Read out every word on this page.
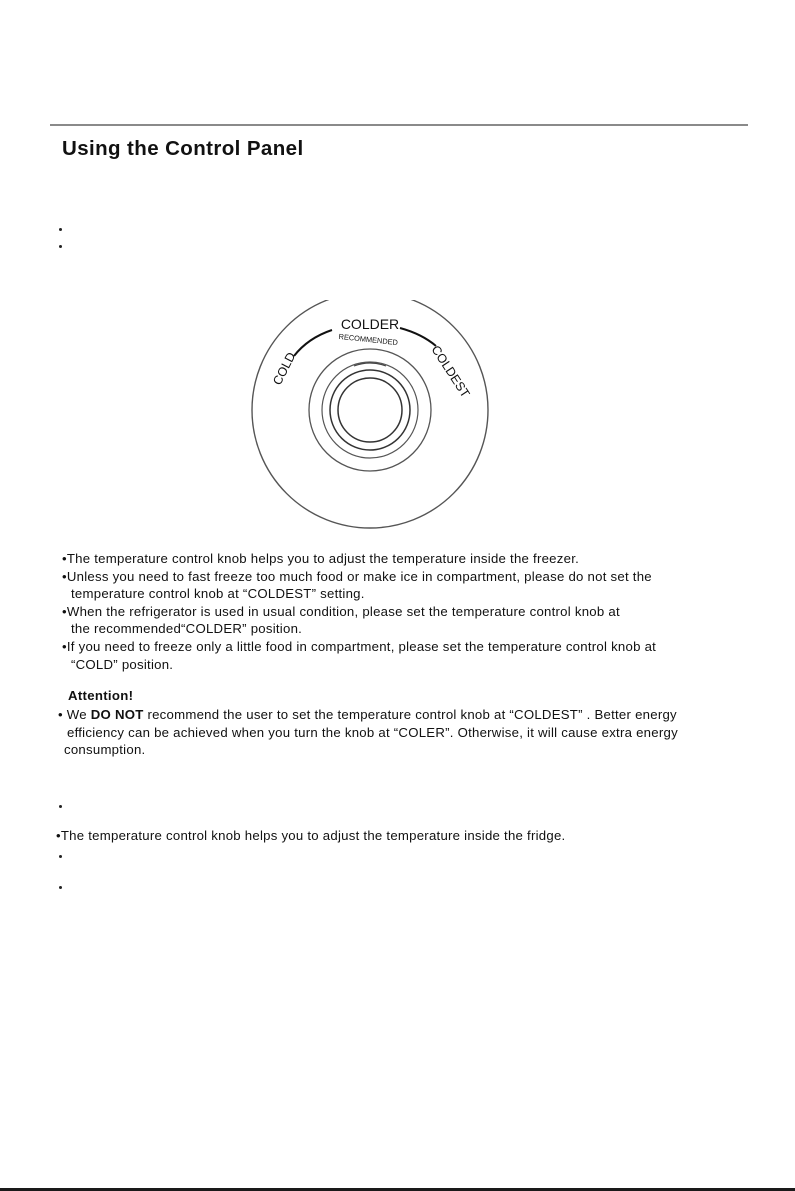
Using the Control Panel
COLD
COLDER
RECOMMENDED
COLDEST
•The temperature control knob helps you to adjust the temperature inside the freezer.
•Unless you need to fast freeze too much food or make ice in compartment, please do not set the
temperature control knob at “COLDEST” setting.
•When the refrigerator is used in usual condition, please set the temperature control knob at
the recommended“COLDER” position.
•If you need to freeze only a little food in compartment, please set the temperature control knob at
“COLD” position.
Attention!
• We DO NOT recommend the user to set the temperature control knob at “COLDEST” . Better energy
efficiency can be achieved when you turn the knob at “COLER”. Otherwise, it will cause extra energy
consumption.
•The temperature control knob helps you to adjust the temperature inside the fridge.
